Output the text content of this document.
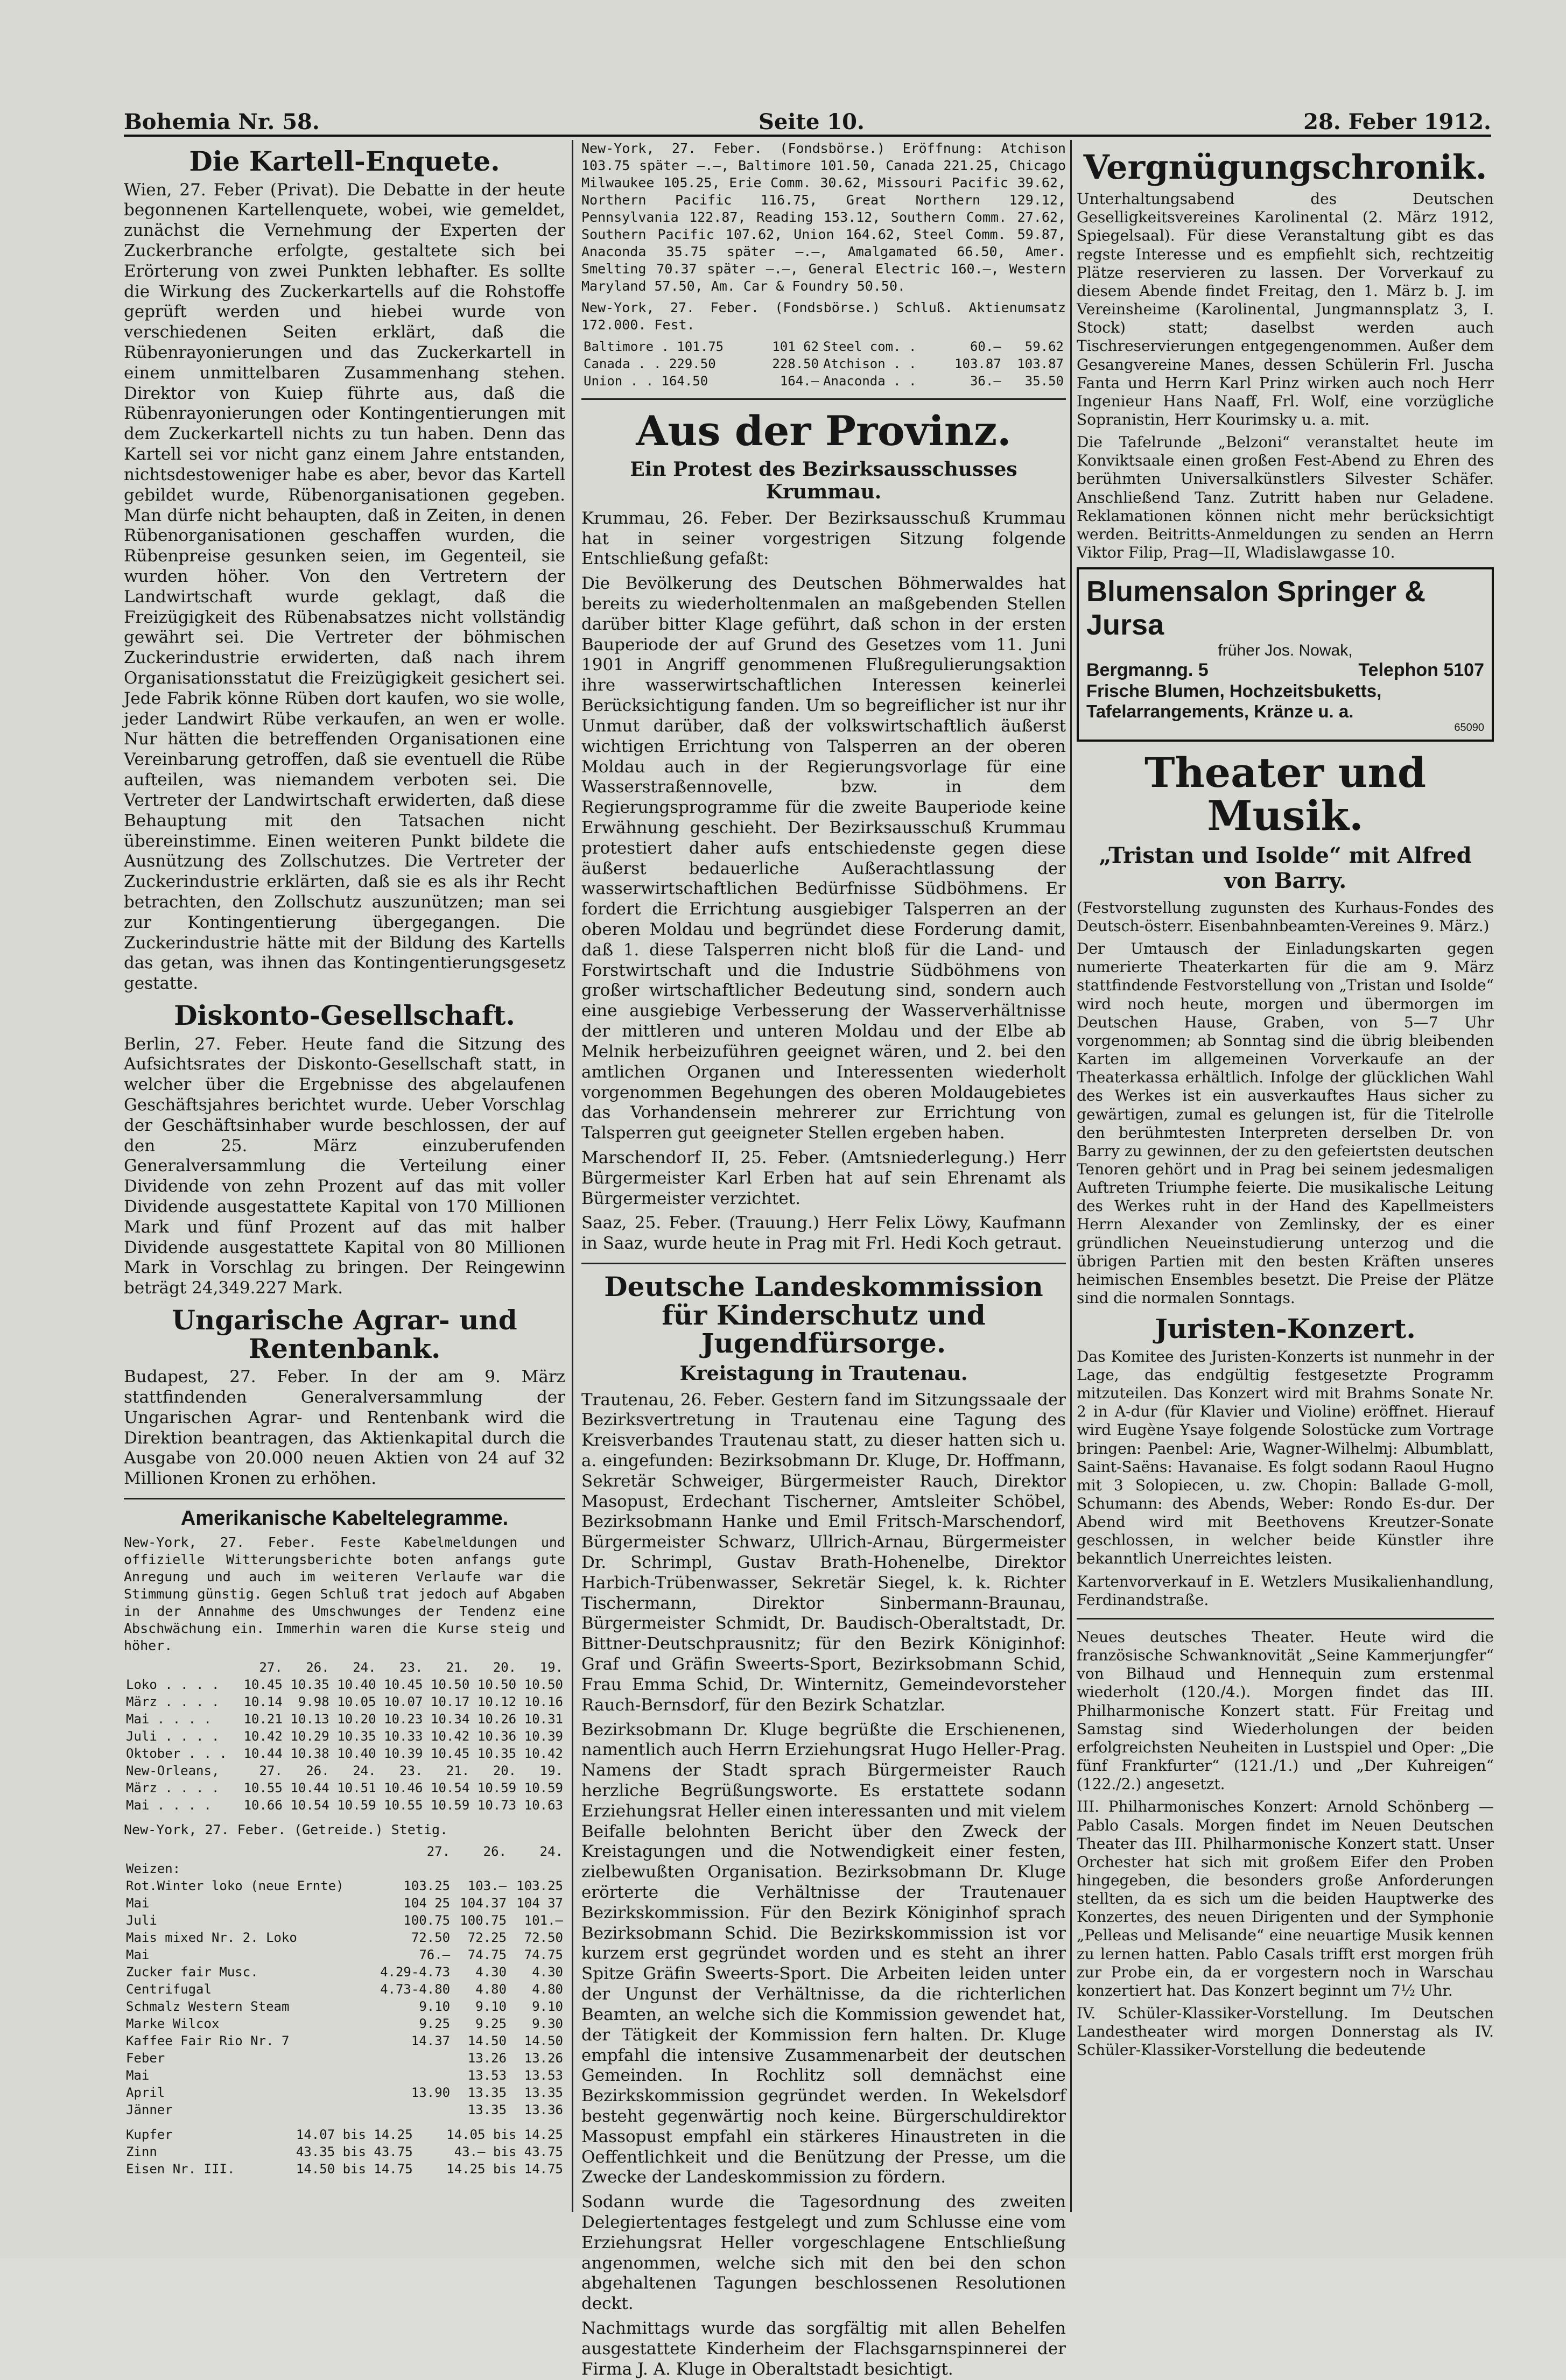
Bohemia Nr. 58.	Seite 10.	28. Feber 1912.
Die Kartell-Enquete.

Wien, 27. Feber (Privat). Die Debatte in der heute begonnenen Kartellenquete, wobei, wie gemeldet, zunächst die Vernehmung der Experten der Zuckerbranche erfolgte, gestaltete sich bei Erörterung von zwei Punkten lebhafter. Es sollte die Wirkung des Zuckerkartells auf die Rohstoffe geprüft werden und hiebei wurde von verschiedenen Seiten erklärt, daß die Rübenrayonierungen und das Zuckerkartell in einem unmittelbaren Zusammenhang stehen. Direktor von Kuiep führte aus, daß die Rübenrayonierungen oder Kontingentierungen mit dem Zuckerkartell nichts zu tun haben. Denn das Kartell sei vor nicht ganz einem Jahre entstanden, nichtsdestoweniger habe es aber, bevor das Kartell gebildet wurde, Rübenorganisationen gegeben. Man dürfe nicht behaupten, daß in Zeiten, in denen Rübenorganisationen geschaffen wurden, die Rübenpreise gesunken seien, im Gegenteil, sie wurden höher. Von den Vertretern der Landwirtschaft wurde geklagt, daß die Freizügigkeit des Rübenabsatzes nicht vollständig gewährt sei. Die Vertreter der böhmischen Zuckerindustrie erwiderten, daß nach ihrem Organisationsstatut die Freizügigkeit gesichert sei. Jede Fabrik könne Rüben dort kaufen, wo sie wolle, jeder Landwirt Rübe verkaufen, an wen er wolle. Nur hätten die betreffenden Organisationen eine Vereinbarung getroffen, daß sie eventuell die Rübe aufteilen, was niemandem verboten sei. Die Vertreter der Landwirtschaft erwiderten, daß diese Behauptung mit den Tatsachen nicht übereinstimme. Einen weiteren Punkt bildete die Ausnützung des Zollschutzes. Die Vertreter der Zuckerindustrie erklärten, daß sie es als ihr Recht betrachten, den Zollschutz auszunützen; man sei zur Kontingentierung übergegangen. Die Zuckerindustrie hätte mit der Bildung des Kartells das getan, was ihnen das Kontingentierungsgesetz gestatte.

Diskonto-Gesellschaft.

Berlin, 27. Feber. Heute fand die Sitzung des Aufsichtsrates der Diskonto-Gesellschaft statt, in welcher über die Ergebnisse des abgelaufenen Geschäftsjahres berichtet wurde. Ueber Vorschlag der Geschäftsinhaber wurde beschlossen, der auf den 25. März einzuberufenden Generalversammlung die Verteilung einer Dividende von zehn Prozent auf das mit voller Dividende ausgestattete Kapital von 170 Millionen Mark und fünf Prozent auf das mit halber Dividende ausgestattete Kapital von 80 Millionen Mark in Vorschlag zu bringen. Der Reingewinn beträgt 24,349.227 Mark.

Ungarische Agrar- und Rentenbank.

Budapest, 27. Feber. In der am 9. März stattfindenden Generalversammlung der Ungarischen Agrar- und Rentenbank wird die Direktion beantragen, das Aktienkapital durch die Ausgabe von 20.000 neuen Aktien von 24 auf 32 Millionen Kronen zu erhöhen.

Amerikanische Kabeltelegramme.

New-York, 27. Feber. Feste Kabelmeldungen und offizielle Witterungsberichte boten anfangs gute Anregung und auch im weiteren Verlaufe war die Stimmung günstig. Gegen Schluß trat jedoch auf Abgaben in der Annahme des Umschwunges der Tendenz eine Abschwächung ein. Immerhin waren die Kurse steig und höher.

	27.	26.	24.	23.	21.	20.	19.
Loko . . . .	10.45	10.35	10.40	10.45	10.50	10.50	10.50
März . . . .	10.14	9.98	10.05	10.07	10.17	10.12	10.16
Mai . . . .	10.21	10.13	10.20	10.23	10.34	10.26	10.31
Juli . . . .	10.42	10.29	10.35	10.33	10.42	10.36	10.39
Oktober . . .	10.44	10.38	10.40	10.39	10.45	10.35	10.42
New-Orleans,	27.	26.	24.	23.	21.	20.	19.
März . . . .	10.55	10.44	10.51	10.46	10.54	10.59	10.59
Mai . . . .	10.66	10.54	10.59	10.55	10.59	10.73	10.63

New-York, 27. Feber. (Getreide.) Stetig.

	27.	26.	24.
Weizen:			
Rot.Winter loko (neue Ernte)	103.25	103.—	103.25
Mai	104 25	104.37	104 37
Juli	100.75	100.75	101.—
Mais mixed Nr. 2. Loko	72.50	72.25	72.50
Mai	76.—	74.75	74.75
Zucker fair Musc.	4.29-4.73	4.30	4.30
Centrifugal	4.73-4.80	4.80	4.80
Schmalz Western Steam	9.10	9.10	9.10
Marke Wilcox	9.25	9.25	9.30
Kaffee Fair Rio Nr. 7	14.37	14.50	14.50
Feber		13.26	13.26
Mai		13.53	13.53
April	13.90	13.35	13.35
Jänner		13.35	13.36
Kupfer	14.07 bis 14.25	14.05 bis 14.25
Zinn	43.35 bis 43.75	43.— bis 43.75
Eisen Nr. III.	14.50 bis 14.75	14.25 bis 14.75

New-York, 27. Feber. (Fondsbörse.) Eröffnung: Atchison 103.75 später —.—, Baltimore 101.50, Canada 221.25, Chicago Milwaukee 105.25, Erie Comm. 30.62, Missouri Pacific 39.62, Northern Pacific 116.75, Great Northern 129.12, Pennsylvania 122.87, Reading 153.12, Southern Comm. 27.62, Southern Pacific 107.62, Union 164.62, Steel Comm. 59.87, Anaconda 35.75 später —.—, Amalgamated 66.50, Amer. Smelting 70.37 später —.—, General Electric 160.—, Western Maryland 57.50, Am. Car & Foundry 50.50.

New-York, 27. Feber. (Fondsbörse.) Schluß. Aktienumsatz 172.000. Fest.

Baltimore . 101.75	101 62	Steel com. .	60.—	59.62
Canada . . 229.50	228.50	Atchison . .	103.87	103.87
Union . . 164.50	164.—	Anaconda . .	36.—	35.50
Aus der Provinz.
Ein Protest des Bezirksausschusses Krummau.

Krummau, 26. Feber. Der Bezirksausschuß Krummau hat in seiner vorgestrigen Sitzung folgende Entschließung gefaßt:

Die Bevölkerung des Deutschen Böhmerwaldes hat bereits zu wiederholtenmalen an maßgebenden Stellen darüber bitter Klage geführt, daß schon in der ersten Bauperiode der auf Grund des Gesetzes vom 11. Juni 1901 in Angriff genommenen Flußregulierungsaktion ihre wasserwirtschaftlichen Interessen keinerlei Berücksichtigung fanden. Um so begreiflicher ist nur ihr Unmut darüber, daß der volkswirtschaftlich äußerst wichtigen Errichtung von Talsperren an der oberen Moldau auch in der Regierungsvorlage für eine Wasserstraßennovelle, bzw. in dem Regierungsprogramme für die zweite Bauperiode keine Erwähnung geschieht. Der Bezirksausschuß Krummau protestiert daher aufs entschiedenste gegen diese äußerst bedauerliche Außerachtlassung der wasserwirtschaftlichen Bedürfnisse Südböhmens. Er fordert die Errichtung ausgiebiger Talsperren an der oberen Moldau und begründet diese Forderung damit, daß 1. diese Talsperren nicht bloß für die Land- und Forstwirtschaft und die Industrie Südböhmens von großer wirtschaftlicher Bedeutung sind, sondern auch eine ausgiebige Verbesserung der Wasserverhältnisse der mittleren und unteren Moldau und der Elbe ab Melnik herbeizuführen geeignet wären, und 2. bei den amtlichen Organen und Interessenten wiederholt vorgenommen Begehungen des oberen Moldaugebietes das Vorhandensein mehrerer zur Errichtung von Talsperren gut geeigneter Stellen ergeben haben.

Marschendorf II, 25. Feber. (Amtsniederlegung.) Herr Bürgermeister Karl Erben hat auf sein Ehrenamt als Bürgermeister verzichtet.

Saaz, 25. Feber. (Trauung.) Herr Felix Löwy, Kaufmann in Saaz, wurde heute in Prag mit Frl. Hedi Koch getraut.

Deutsche Landeskommission für Kinderschutz und Jugendfürsorge.
Kreistagung in Trautenau.

Trautenau, 26. Feber. Gestern fand im Sitzungssaale der Bezirksvertretung in Trautenau eine Tagung des Kreisverbandes Trautenau statt, zu dieser hatten sich u. a. eingefunden: Bezirksobmann Dr. Kluge, Dr. Hoffmann, Sekretär Schweiger, Bürgermeister Rauch, Direktor Masopust, Erdechant Tischerner, Amtsleiter Schöbel, Bezirksobmann Hanke und Emil Fritsch-Marschendorf, Bürgermeister Schwarz, Ullrich-Arnau, Bürgermeister Dr. Schrimpl, Gustav Brath-Hohenelbe, Direktor Harbich-Trübenwasser, Sekretär Siegel, k. k. Richter Tischermann, Direktor Sinbermann-Braunau, Bürgermeister Schmidt, Dr. Baudisch-Oberaltstadt, Dr. Bittner-Deutschprausnitz; für den Bezirk Königinhof: Graf und Gräfin Sweerts-Sport, Bezirksobmann Schid, Frau Emma Schid, Dr. Winternitz, Gemeindevorsteher Rauch-Bernsdorf, für den Bezirk Schatzlar.

Bezirksobmann Dr. Kluge begrüßte die Erschienenen, namentlich auch Herrn Erziehungsrat Hugo Heller-Prag. Namens der Stadt sprach Bürgermeister Rauch herzliche Begrüßungsworte. Es erstattete sodann Erziehungsrat Heller einen interessanten und mit vielem Beifalle belohnten Bericht über den Zweck der Kreistagungen und die Notwendigkeit einer festen, zielbewußten Organisation. Bezirksobmann Dr. Kluge erörterte die Verhältnisse der Trautenauer Bezirkskommission. Für den Bezirk Königinhof sprach Bezirksobmann Schid. Die Bezirkskommission ist vor kurzem erst gegründet worden und es steht an ihrer Spitze Gräfin Sweerts-Sport. Die Arbeiten leiden unter der Ungunst der Verhältnisse, da die richterlichen Beamten, an welche sich die Kommission gewendet hat, der Tätigkeit der Kommission fern halten. Dr. Kluge empfahl die intensive Zusammenarbeit der deutschen Gemeinden. In Rochlitz soll demnächst eine Bezirkskommission gegründet werden. In Wekelsdorf besteht gegenwärtig noch keine. Bürgerschuldirektor Massopust empfahl ein stärkeres Hinaustreten in die Oeffentlichkeit und die Benützung der Presse, um die Zwecke der Landeskommission zu fördern.

Sodann wurde die Tagesordnung des zweiten Delegiertentages festgelegt und zum Schlusse eine vom Erziehungsrat Heller vorgeschlagene Entschließung angenommen, welche sich mit den bei den schon abgehaltenen Tagungen beschlossenen Resolutionen deckt.

Nachmittags wurde das sorgfältig mit allen Behelfen ausgestattete Kinderheim der Flachsgarnspinnerei der Firma J. A. Kluge in Oberaltstadt besichtigt.

Vergnügungschronik.

Unterhaltungsabend des Deutschen Geselligkeitsvereines Karolinental (2. März 1912, Spiegelsaal). Für diese Veranstaltung gibt es das regste Interesse und es empfiehlt sich, rechtzeitig Plätze reservieren zu lassen. Der Vorverkauf zu diesem Abende findet Freitag, den 1. März b. J. im Vereinsheime (Karolinental, Jungmannsplatz 3, I. Stock) statt; daselbst werden auch Tischreservierungen entgegengenommen. Außer dem Gesangvereine Manes, dessen Schülerin Frl. Juscha Fanta und Herrn Karl Prinz wirken auch noch Herr Ingenieur Hans Naaff, Frl. Wolf, eine vorzügliche Sopranistin, Herr Kourimsky u. a. mit.

Die Tafelrunde „Belzoni“ veranstaltet heute im Konviktsaale einen großen Fest-Abend zu Ehren des berühmten Universalkünstlers Silvester Schäfer. Anschließend Tanz. Zutritt haben nur Geladene. Reklamationen können nicht mehr berücksichtigt werden. Beitritts-Anmeldungen zu senden an Herrn Viktor Filip, Prag—II, Wladislawgasse 10.

Blumensalon Springer & Jursa
früher Jos. Nowak,
Bergmanng. 5	Telephon 5107
Frische Blumen, Hochzeitsbuketts, Tafelarrangements, Kränze u. a.
65090
Theater und Musik.
„Tristan und Isolde“ mit Alfred von Barry.

(Festvorstellung zugunsten des Kurhaus-Fondes des Deutsch-österr. Eisenbahnbeamten-Vereines 9. März.)

Der Umtausch der Einladungskarten gegen numerierte Theaterkarten für die am 9. März stattfindende Festvorstellung von „Tristan und Isolde“ wird noch heute, morgen und übermorgen im Deutschen Hause, Graben, von 5—7 Uhr vorgenommen; ab Sonntag sind die übrig bleibenden Karten im allgemeinen Vorverkaufe an der Theaterkassa erhältlich. Infolge der glücklichen Wahl des Werkes ist ein ausverkauftes Haus sicher zu gewärtigen, zumal es gelungen ist, für die Titelrolle den berühmtesten Interpreten derselben Dr. von Barry zu gewinnen, der zu den gefeiertsten deutschen Tenoren gehört und in Prag bei seinem jedesmaligen Auftreten Triumphe feierte. Die musikalische Leitung des Werkes ruht in der Hand des Kapellmeisters Herrn Alexander von Zemlinsky, der es einer gründlichen Neueinstudierung unterzog und die übrigen Partien mit den besten Kräften unseres heimischen Ensembles besetzt. Die Preise der Plätze sind die normalen Sonntags.

Juristen-Konzert.

Das Komitee des Juristen-Konzerts ist nunmehr in der Lage, das endgültig festgesetzte Programm mitzuteilen. Das Konzert wird mit Brahms Sonate Nr. 2 in A-dur (für Klavier und Violine) eröffnet. Hierauf wird Eugène Ysaye folgende Solostücke zum Vortrage bringen: Paenbel: Arie, Wagner-Wilhelmj: Albumblatt, Saint-Saëns: Havanaise. Es folgt sodann Raoul Hugno mit 3 Solopiecen, u. zw. Chopin: Ballade G-moll, Schumann: des Abends, Weber: Rondo Es-dur. Der Abend wird mit Beethovens Kreutzer-Sonate geschlossen, in welcher beide Künstler ihre bekanntlich Unerreichtes leisten.

Kartenvorverkauf in E. Wetzlers Musikalienhandlung, Ferdinandstraße.

Neues deutsches Theater. Heute wird die französische Schwanknovität „Seine Kammerjungfer“ von Bilhaud und Hennequin zum erstenmal wiederholt (120./4.). Morgen findet das III. Philharmonische Konzert statt. Für Freitag und Samstag sind Wiederholungen der beiden erfolgreichsten Neuheiten in Lustspiel und Oper: „Die fünf Frankfurter“ (121./1.) und „Der Kuhreigen“ (122./2.) angesetzt.

III. Philharmonisches Konzert: Arnold Schönberg — Pablo Casals. Morgen findet im Neuen Deutschen Theater das III. Philharmonische Konzert statt. Unser Orchester hat sich mit großem Eifer den Proben hingegeben, die besonders große Anforderungen stellten, da es sich um die beiden Hauptwerke des Konzertes, des neuen Dirigenten und der Symphonie „Pelleas und Melisande“ eine neuartige Musik kennen zu lernen hatten. Pablo Casals trifft erst morgen früh zur Probe ein, da er vorgestern noch in Warschau konzertiert hat. Das Konzert beginnt um 7½ Uhr.

IV. Schüler-Klassiker-Vorstellung. Im Deutschen Landestheater wird morgen Donnerstag als IV. Schüler-Klassiker-Vorstellung die bedeutende
